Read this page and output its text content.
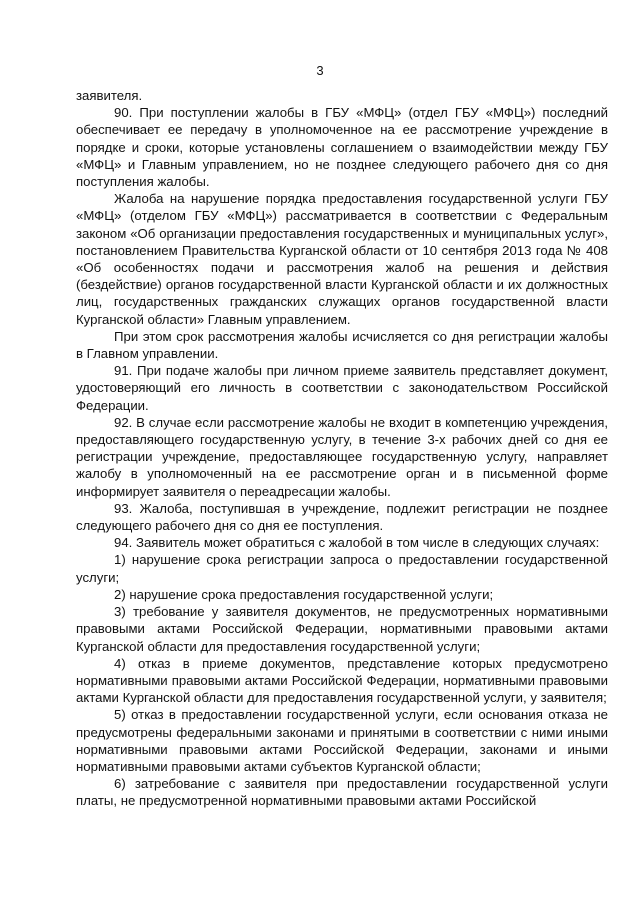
3

заявителя.

90. При поступлении жалобы в ГБУ «МФЦ» (отдел ГБУ «МФЦ») последний обеспечивает ее передачу в уполномоченное на ее рассмотрение учреждение в порядке и сроки, которые установлены соглашением о взаимодействии между ГБУ «МФЦ» и Главным управлением, но не позднее следующего рабочего дня со дня поступления жалобы.

Жалоба на нарушение порядка предоставления государственной услуги ГБУ «МФЦ» (отделом ГБУ «МФЦ») рассматривается в соответствии с Федеральным законом «Об организации предоставления государственных и муниципальных услуг», постановлением Правительства Курганской области от 10 сентября 2013 года № 408 «Об особенностях подачи и рассмотрения жалоб на решения и действия (бездействие) органов государственной власти Курганской области и их должностных лиц, государственных гражданских служащих органов государственной власти Курганской области» Главным управлением.

При этом срок рассмотрения жалобы исчисляется со дня регистрации жалобы в Главном управлении.

91. При подаче жалобы при личном приеме заявитель представляет документ, удостоверяющий его личность в соответствии с законодательством Российской Федерации.

92. В случае если рассмотрение жалобы не входит в компетенцию учреждения, предоставляющего государственную услугу, в течение 3-х рабочих дней со дня ее регистрации учреждение, предоставляющее государственную услугу, направляет жалобу в уполномоченный на ее рассмотрение орган и в письменной форме информирует заявителя о переадресации жалобы.

93. Жалоба, поступившая в учреждение, подлежит регистрации не позднее следующего рабочего дня со дня ее поступления.

94. Заявитель может обратиться с жалобой в том числе в следующих случаях:

1) нарушение срока регистрации запроса о предоставлении государственной услуги;

2) нарушение срока предоставления государственной услуги;

3) требование у заявителя документов, не предусмотренных нормативными правовыми актами Российской Федерации, нормативными правовыми актами Курганской области для предоставления государственной услуги;

4) отказ в приеме документов, представление которых предусмотрено нормативными правовыми актами Российской Федерации, нормативными правовыми актами Курганской области для предоставления государственной услуги, у заявителя;

5) отказ в предоставлении государственной услуги, если основания отказа не предусмотрены федеральными законами и принятыми в соответствии с ними иными нормативными правовыми актами Российской Федерации, законами и иными нормативными правовыми актами субъектов Курганской области;

6) затребование с заявителя при предоставлении государственной услуги платы, не предусмотренной нормативными правовыми актами Российской
